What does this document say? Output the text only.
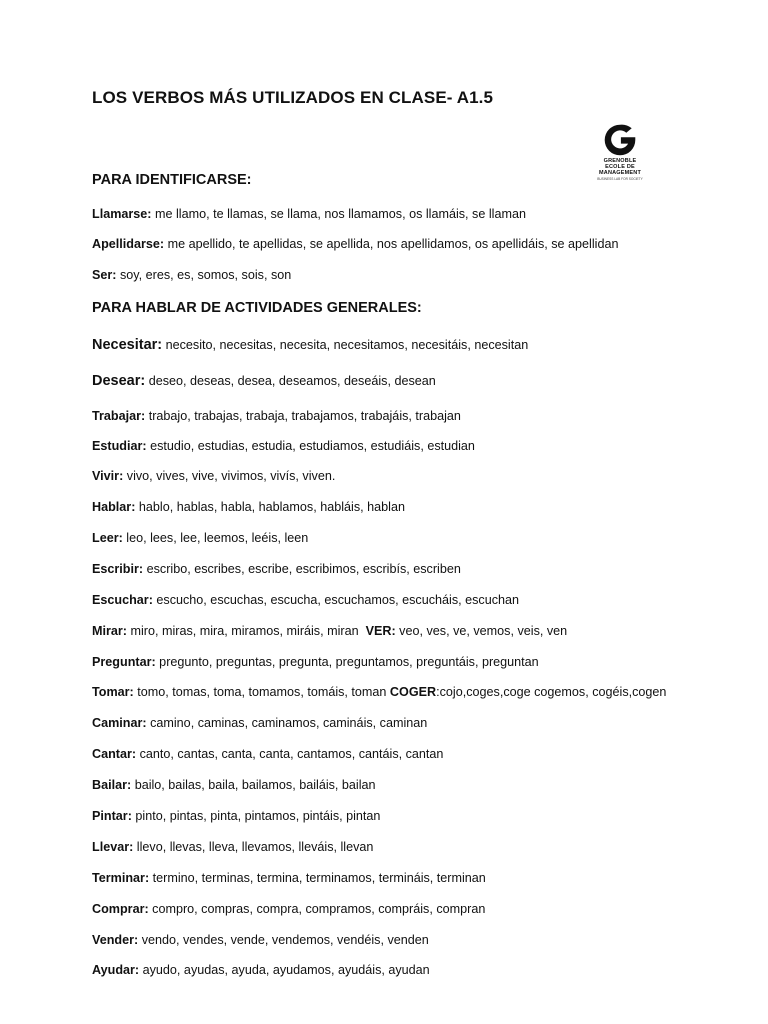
LOS VERBOS MÁS UTILIZADOS EN CLASE- A1.5
GRENOBLE
ECOLE DE
MANAGEMENT
BUSINESS LAB FOR SOCIETY
PARA IDENTIFICARSE:
Llamarse: me llamo, te llamas, se llama, nos llamamos, os llamáis, se llaman
Apellidarse: me apellido, te apellidas, se apellida, nos apellidamos, os apellidáis, se apellidan
Ser: soy, eres, es, somos, sois, son
PARA HABLAR DE ACTIVIDADES GENERALES:
Necesitar: necesito, necesitas, necesita, necesitamos, necesitáis, necesitan
Desear: deseo, deseas, desea, deseamos, deseáis, desean
Trabajar: trabajo, trabajas, trabaja, trabajamos, trabajáis, trabajan
Estudiar: estudio, estudias, estudia, estudiamos, estudiáis, estudian
Vivir: vivo, vives, vive, vivimos, vivís, viven.
Hablar: hablo, hablas, habla, hablamos, habláis, hablan
Leer: leo, lees, lee, leemos, leéis, leen
Escribir: escribo, escribes, escribe, escribimos, escribís, escriben
Escuchar: escucho, escuchas, escucha, escuchamos, escucháis, escuchan
Mirar: miro, miras, mira, miramos, miráis, miran  VER: veo, ves, ve, vemos, veis, ven
Preguntar: pregunto, preguntas, pregunta, preguntamos, preguntáis, preguntan
Tomar: tomo, tomas, toma, tomamos, tomáis, toman COGER:cojo,coges,coge cogemos, cogéis,cogen
Caminar: camino, caminas, caminamos, camináis, caminan
Cantar: canto, cantas, canta, canta, cantamos, cantáis, cantan
Bailar: bailo, bailas, baila, bailamos, bailáis, bailan
Pintar: pinto, pintas, pinta, pintamos, pintáis, pintan
Llevar: llevo, llevas, lleva, llevamos, lleváis, llevan
Terminar: termino, terminas, termina, terminamos, termináis, terminan
Comprar: compro, compras, compra, compramos, compráis, compran
Vender: vendo, vendes, vende, vendemos, vendéis, venden
Ayudar: ayudo, ayudas, ayuda, ayudamos, ayudáis, ayudan
